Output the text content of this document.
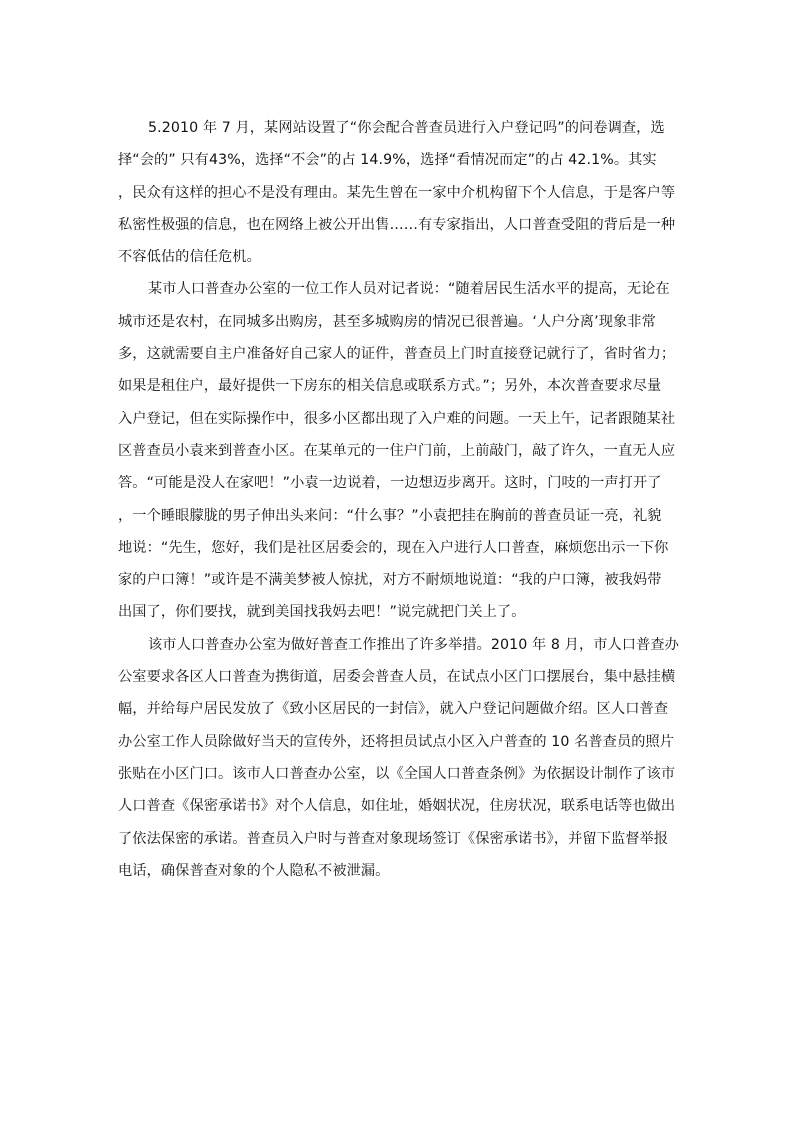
5.2010 年 7 月，某网站设置了“你会配合普查员进行入户登记吗”的问卷调查，选
择“会的” 只有43%，选择“不会”的占 14.9%，选择“看情况而定”的占 42.1%。其实
，民众有这样的担心不是没有理由。某先生曾在一家中介机构留下个人信息，于是客户等
私密性极强的信息，也在网络上被公开出售……有专家指出，人口普查受阻的背后是一种
不容低估的信任危机。
某市人口普查办公室的一位工作人员对记者说：“随着居民生活水平的提高，无论在
城市还是农村，在同城多出购房，甚至多城购房的情况已很普遍。‘人户分离’现象非常
多，这就需要自主户准备好自己家人的证件，普查员上门时直接登记就行了，省时省力；
如果是租住户，最好提供一下房东的相关信息或联系方式。”；另外，本次普查要求尽量
入户登记，但在实际操作中，很多小区都出现了入户难的问题。一天上午，记者跟随某社
区普查员小袁来到普查小区。在某单元的一住户门前，上前敲门，敲了许久，一直无人应
答。“可能是没人在家吧！”小袁一边说着，一边想迈步离开。这时，门吱的一声打开了
，一个睡眼朦胧的男子伸出头来问：“什么事？”小袁把挂在胸前的普查员证一亮，礼貌
地说：“先生，您好，我们是社区居委会的，现在入户进行人口普查，麻烦您出示一下你
家的户口簿！”或许是不满美梦被人惊扰，对方不耐烦地说道：“我的户口簿，被我妈带
出国了，你们要找，就到美国找我妈去吧！”说完就把门关上了。
该市人口普查办公室为做好普查工作推出了许多举措。2010 年 8 月，市人口普查办
公室要求各区人口普查为携街道，居委会普查人员，在试点小区门口摆展台，集中悬挂横
幅，并给每户居民发放了《致小区居民的一封信》，就入户登记问题做介绍。区人口普查
办公室工作人员除做好当天的宣传外，还将担员试点小区入户普查的 10 名普查员的照片
张贴在小区门口。该市人口普查办公室，以《全国人口普查条例》为依据设计制作了该市
人口普查《保密承诺书》对个人信息，如住址，婚姻状况，住房状况，联系电话等也做出
了依法保密的承诺。普查员入户时与普查对象现场签订《保密承诺书》，并留下监督举报
电话，确保普查对象的个人隐私不被泄漏。
